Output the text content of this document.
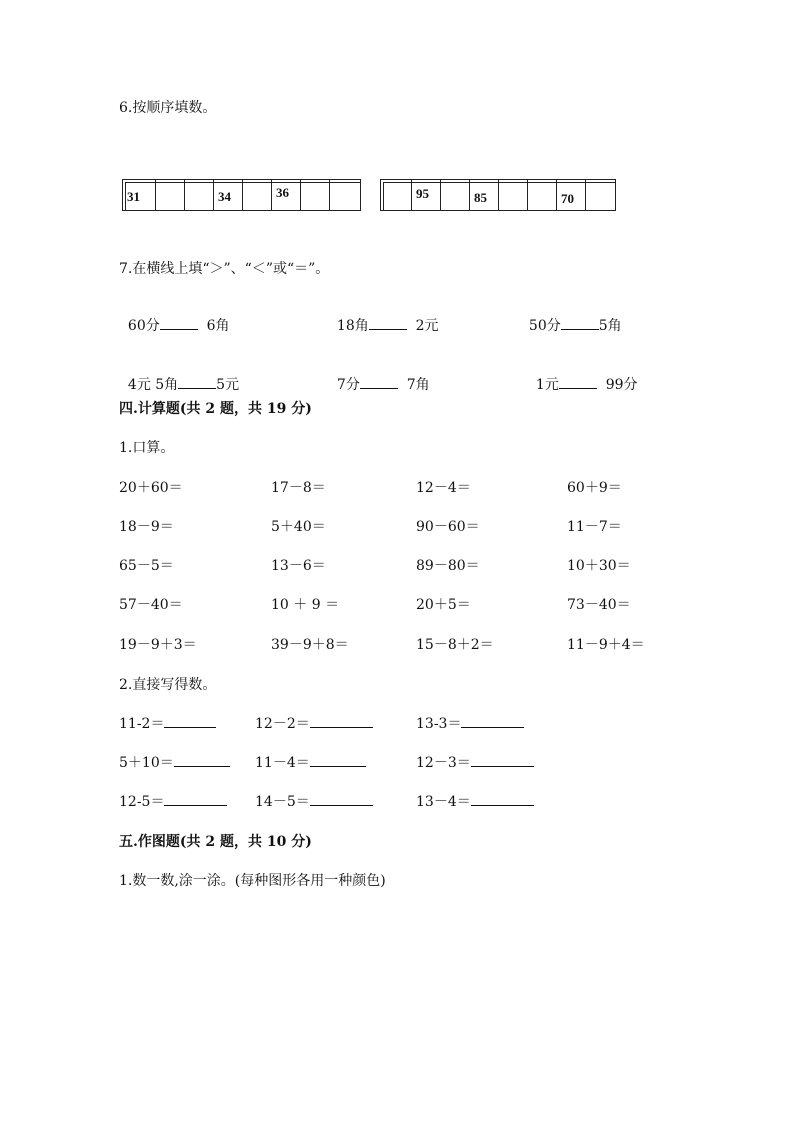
6.按顺序填数。
31	34	36	95	85	70
7.在横线上填“＞”、“＜”或“＝”。

60分	6角	18角	2元	50分	5角

4元 5角	5元	7分	7角	1元	99分

四.计算题(共 2 题，共 19 分)
1.口算。
20＋60＝	17－8＝	12－4＝	60＋9＝
18－9＝	5＋40＝	90－60＝	11－7＝
65－5＝	13－6＝	89－80＝	10＋30＝
57－40＝	10 ＋ 9 ＝	20＋5＝	73－40＝
19－9＋3＝	39－9＋8＝	15－8＋2＝	11－9＋4＝
2.直接写得数。
11-2＝	12－2＝	13-3＝
5＋10＝	11－4＝	12－3＝
12-5＝	14－5＝	13－4＝
五.作图题(共 2 题，共 10 分)
1.数一数,涂一涂。(每种图形各用一种颜色)
